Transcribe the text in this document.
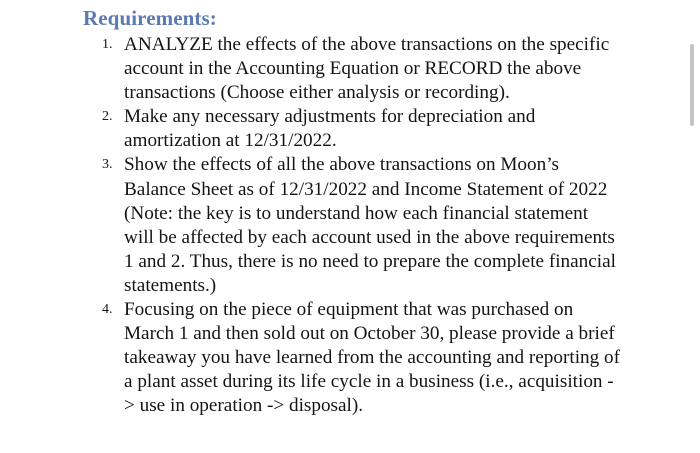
Requirements:
1. ANALYZE the effects of the above transactions on the specific account in the Accounting Equation or RECORD the above transactions (Choose either analysis or recording).
2. Make any necessary adjustments for depreciation and amortization at 12/31/2022.
3. Show the effects of all the above transactions on Moon’s Balance Sheet as of 12/31/2022 and Income Statement of 2022 (Note: the key is to understand how each financial statement will be affected by each account used in the above requirements 1 and 2. Thus, there is no need to prepare the complete financial statements.)
4. Focusing on the piece of equipment that was purchased on March 1 and then sold out on October 30, please provide a brief takeaway you have learned from the accounting and reporting of a plant asset during its life cycle in a business (i.e., acquisition -> use in operation -> disposal).
